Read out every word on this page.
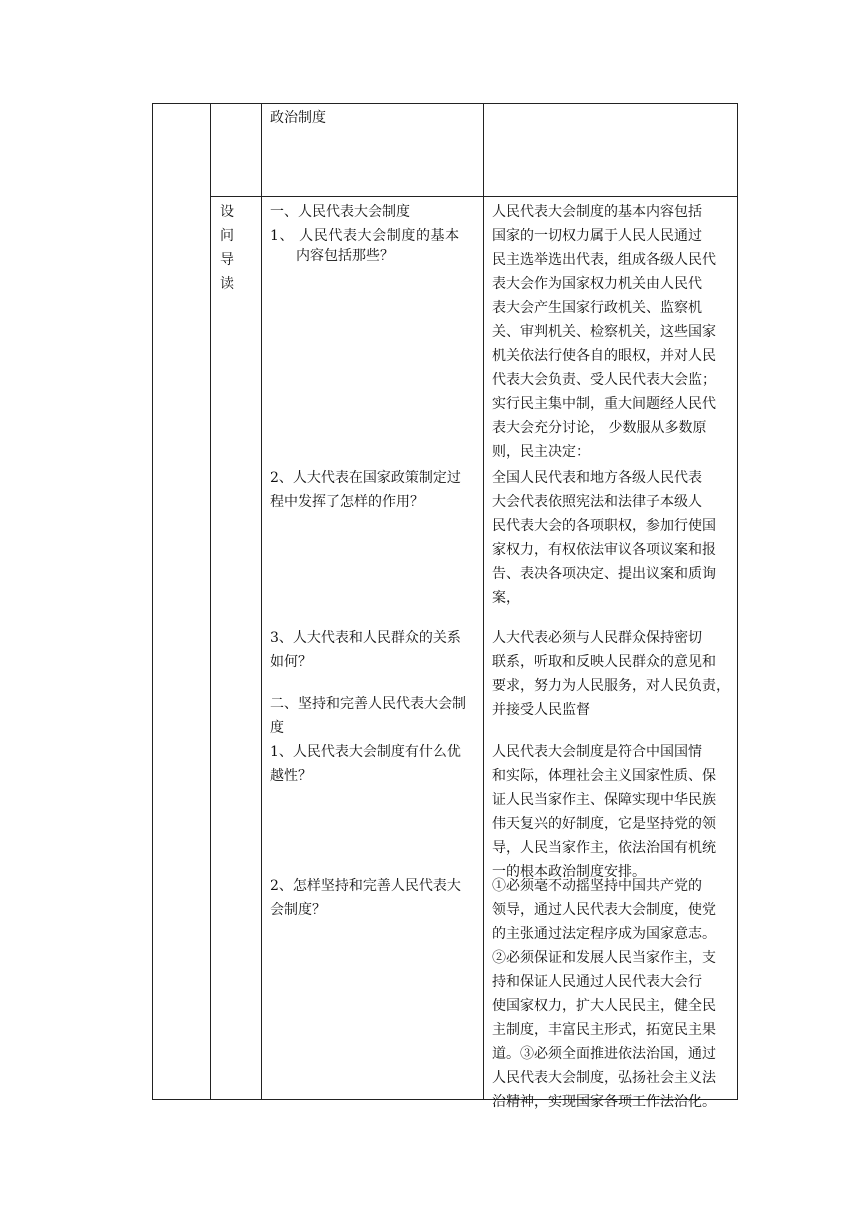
政治制度
设
问
导
读
一、人民代表大会制度
1、 人民代表大会制度的基本
内容包括那些？
2、人大代表在国家政策制定过
程中发挥了怎样的作用？
3、人大代表和人民群众的关系
如何？
二、坚持和完善人民代表大会制
度
1、人民代表大会制度有什么优
越性？
2、怎样坚持和完善人民代表大
会制度？
人民代表大会制度的基本内容包括
国家的一切权力属于人民人民通过
民主选举选出代表，组成各级人民代
表大会作为国家权力机关由人民代
表大会产生国家行政机关、监察机
关、审判机关、检察机关，这些国家
机关依法行使各自的眼权，并对人民
代表大会负责、受人民代表大会监；
实行民主集中制，重大间题经人民代
表大会充分讨论， 少数服从多数原
则，民主决定：
全国人民代表和地方各级人民代表
大会代表依照宪法和法律子本级人
民代表大会的各项职权，参加行使国
家权力，有权依法审议各项议案和报
告、表决各项决定、提出议案和质询
案，
人大代表必须与人民群众保持密切
联系，听取和反映人民群众的意见和
要求，努力为人民服务，对人民负责，
并接受人民监督
人民代表大会制度是符合中国国情
和实际，体理社会主义国家性质、保
证人民当家作主、保障实现中华民族
伟天复兴的好制度，它是坚持党的领
导，人民当家作主，依法治国有机统
一的根本政治制度安排。
①必须毫不动摇坚持中国共产党的
领导，通过人民代表大会制度，使党
的主张通过法定程序成为国家意志。
②必须保证和发展人民当家作主，支
持和保证人民通过人民代表大会行
使国家权力，扩大人民民主，健全民
主制度，丰富民主形式，拓宽民主果
道。③必须全面推进依法治国，通过
人民代表大会制度，弘扬社会主义法
治精神，实现国家各项工作法治化。
